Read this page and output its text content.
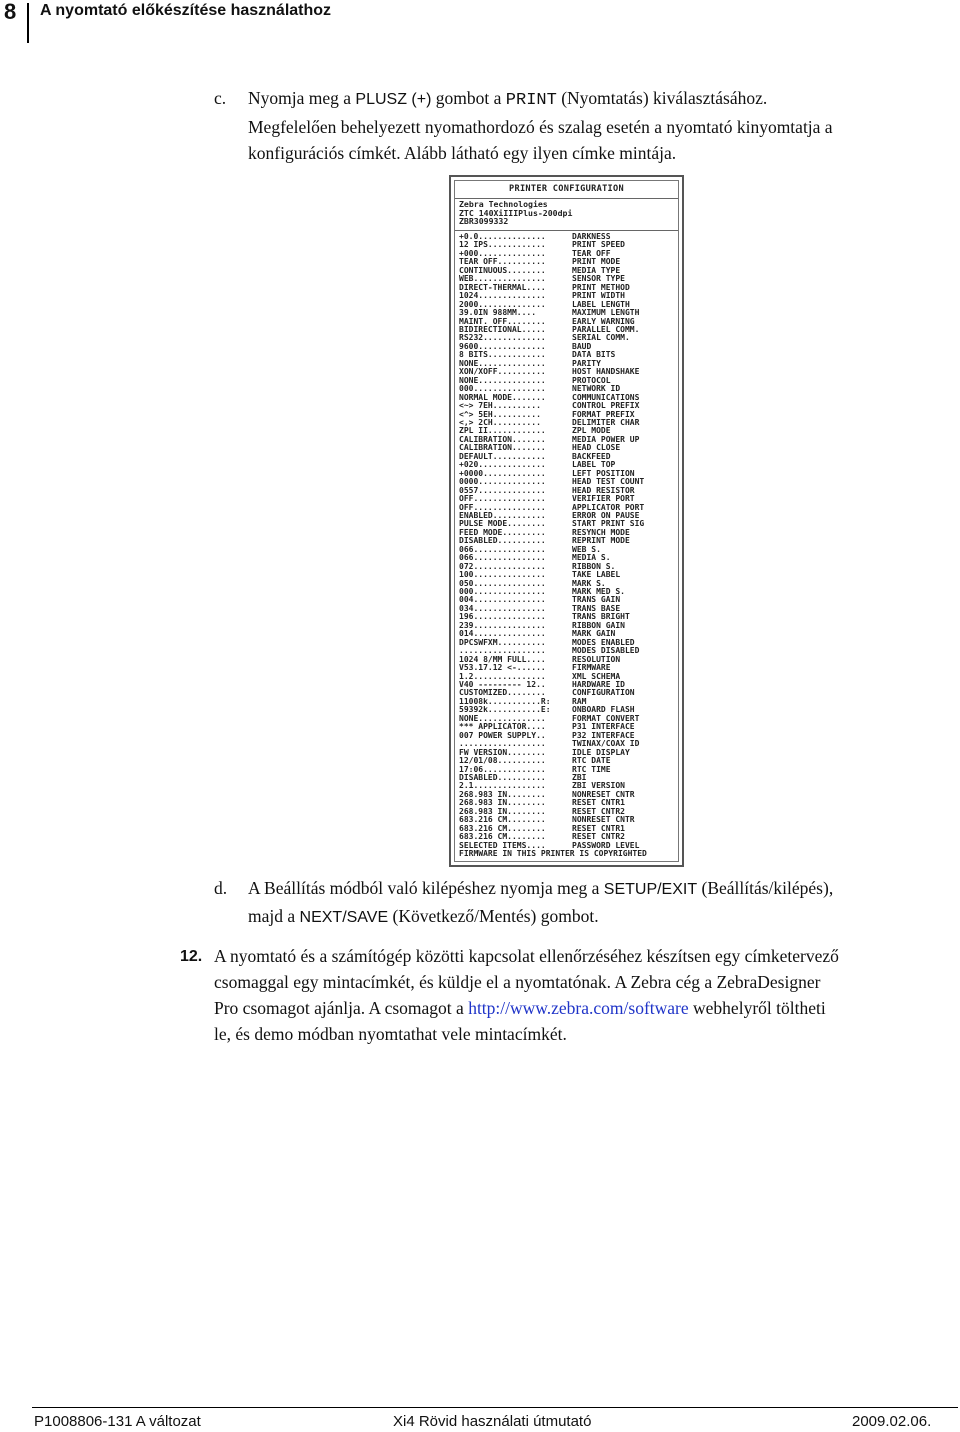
8 A nyomtató előkészítése használathoz
c. Nyomja meg a PLUSZ (+) gombot a PRINT (Nyomtatás) kiválasztásához.
Megfelelően behelyezett nyomathordozó és szalag esetén a nyomtató kinyomtatja a
konfigurációs címkét. Alább látható egy ilyen címke mintája.
PRINTER CONFIGURATION
Zebra Technologies
ZTC 140XiIIIPlus-200dpi
ZBR3099332
+0.0..............	DARKNESS
12 IPS............	PRINT SPEED
+000..............	TEAR OFF
TEAR OFF..........	PRINT MODE
CONTINUOUS........	MEDIA TYPE
WEB...............	SENSOR TYPE
DIRECT-THERMAL....	PRINT METHOD
1024..............	PRINT WIDTH
2000..............	LABEL LENGTH
39.0IN 988MM....	MAXIMUM LENGTH
MAINT. OFF........	EARLY WARNING
BIDIRECTIONAL.....	PARALLEL COMM.
RS232.............	SERIAL COMM.
9600..............	BAUD
8 BITS............	DATA BITS
NONE..............	PARITY
XON/XOFF..........	HOST HANDSHAKE
NONE..............	PROTOCOL
000...............	NETWORK ID
NORMAL MODE.......	COMMUNICATIONS
<~> 7EH..........	CONTROL PREFIX
<^> 5EH..........	FORMAT PREFIX
<,> 2CH..........	DELIMITER CHAR
ZPL II............	ZPL MODE
CALIBRATION.......	MEDIA POWER UP
CALIBRATION.......	HEAD CLOSE
DEFAULT...........	BACKFEED
+020..............	LABEL TOP
+0000.............	LEFT POSITION
0000..............	HEAD TEST COUNT
0557..............	HEAD RESISTOR
OFF...............	VERIFIER PORT
OFF...............	APPLICATOR PORT
ENABLED...........	ERROR ON PAUSE
PULSE MODE........	START PRINT SIG
FEED MODE.........	RESYNCH MODE
DISABLED..........	REPRINT MODE
066...............	WEB S.
066...............	MEDIA S.
072...............	RIBBON S.
100...............	TAKE LABEL
050...............	MARK S.
000...............	MARK MED S.
004...............	TRANS GAIN
034...............	TRANS BASE
196...............	TRANS BRIGHT
239...............	RIBBON GAIN
014...............	MARK GAIN
DPCSWFXM..........	MODES ENABLED
..................	MODES DISABLED
1024 8/MM FULL....	RESOLUTION
V53.17.12 <-......	FIRMWARE
1.2...............	XML SCHEMA
V40 --------- 12..	HARDWARE ID
CUSTOMIZED........	CONFIGURATION
11008k...........R:	RAM
59392k...........E:	ONBOARD FLASH
NONE..............	FORMAT CONVERT
*** APPLICATOR....	P31 INTERFACE
007 POWER SUPPLY..	P32 INTERFACE
..................	TWINAX/COAX ID
FW VERSION........	IDLE DISPLAY
12/01/08..........	RTC DATE
17:06.............	RTC TIME
DISABLED..........	ZBI
2.1...............	ZBI VERSION
268.983 IN........	NONRESET CNTR
268.983 IN........	RESET CNTR1
268.983 IN........	RESET CNTR2
683.216 CM........	NONRESET CNTR
683.216 CM........	RESET CNTR1
683.216 CM........	RESET CNTR2
SELECTED ITEMS....	PASSWORD LEVEL
FIRMWARE IN THIS PRINTER IS COPYRIGHTED
d. A Beállítás módból való kilépéshez nyomja meg a SETUP/EXIT (Beállítás/kilépés),
majd a NEXT/SAVE (Következő/Mentés) gombot.
12. A nyomtató és a számítógép közötti kapcsolat ellenőrzéséhez készítsen egy címketervező
csomaggal egy mintacímkét, és küldje el a nyomtatónak. A Zebra cég a ZebraDesigner
Pro csomagot ajánlja. A csomagot a http://www.zebra.com/software webhelyről töltheti
le, és demo módban nyomtathat vele mintacímkét.
P1008806-131 A változat	Xi4 Rövid használati útmutató	2009.02.06.
